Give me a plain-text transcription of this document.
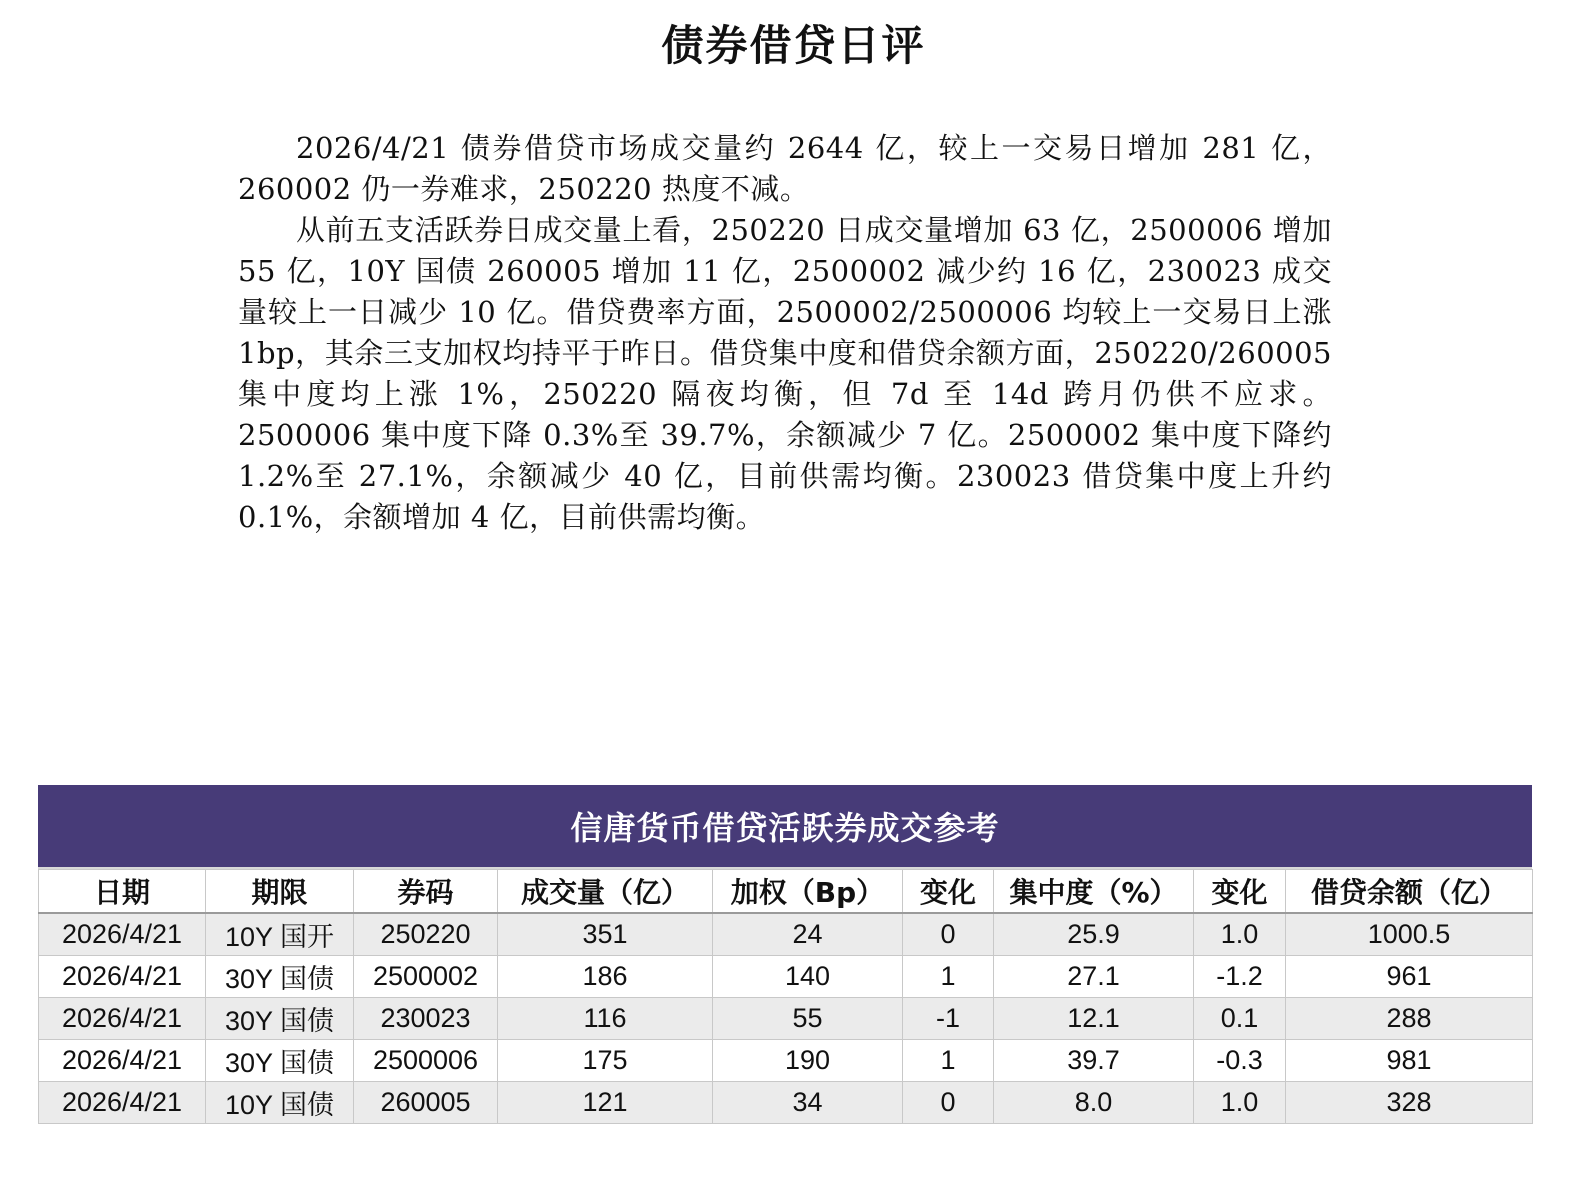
债券借贷日评

2026/4/21 债券借贷市场成交量约 2644 亿，较上一交易日增加 281 亿，260002 仍一券难求，250220 热度不减。

从前五支活跃券日成交量上看，250220 日成交量增加 63 亿，2500006 增加 55 亿，10Y 国债 260005 增加 11 亿，2500002 减少约 16 亿，230023 成交量较上一日减少 10 亿。借贷费率方面，2500002/2500006 均较上一交易日上涨 1bp，其余三支加权均持平于昨日。借贷集中度和借贷余额方面，250220/260005 集中度均上涨 1%，250220 隔夜均衡，但 7d 至 14d 跨月仍供不应求。2500006 集中度下降 0.3%至 39.7%，余额减少 7 亿。2500002 集中度下降约 1.2%至 27.1%，余额减少 40 亿，目前供需均衡。230023 借贷集中度上升约 0.1%，余额增加 4 亿，目前供需均衡。

信唐货币借贷活跃券成交参考
日期	期限	券码	成交量（亿）	加权（Bp）	变化	集中度（%）	变化	借贷余额（亿）
2026/4/21	10Y 国开	250220	351	24	0	25.9	1.0	1000.5
2026/4/21	30Y 国债	2500002	186	140	1	27.1	-1.2	961
2026/4/21	30Y 国债	230023	116	55	-1	12.1	0.1	288
2026/4/21	30Y 国债	2500006	175	190	1	39.7	-0.3	981
2026/4/21	10Y 国债	260005	121	34	0	8.0	1.0	328
